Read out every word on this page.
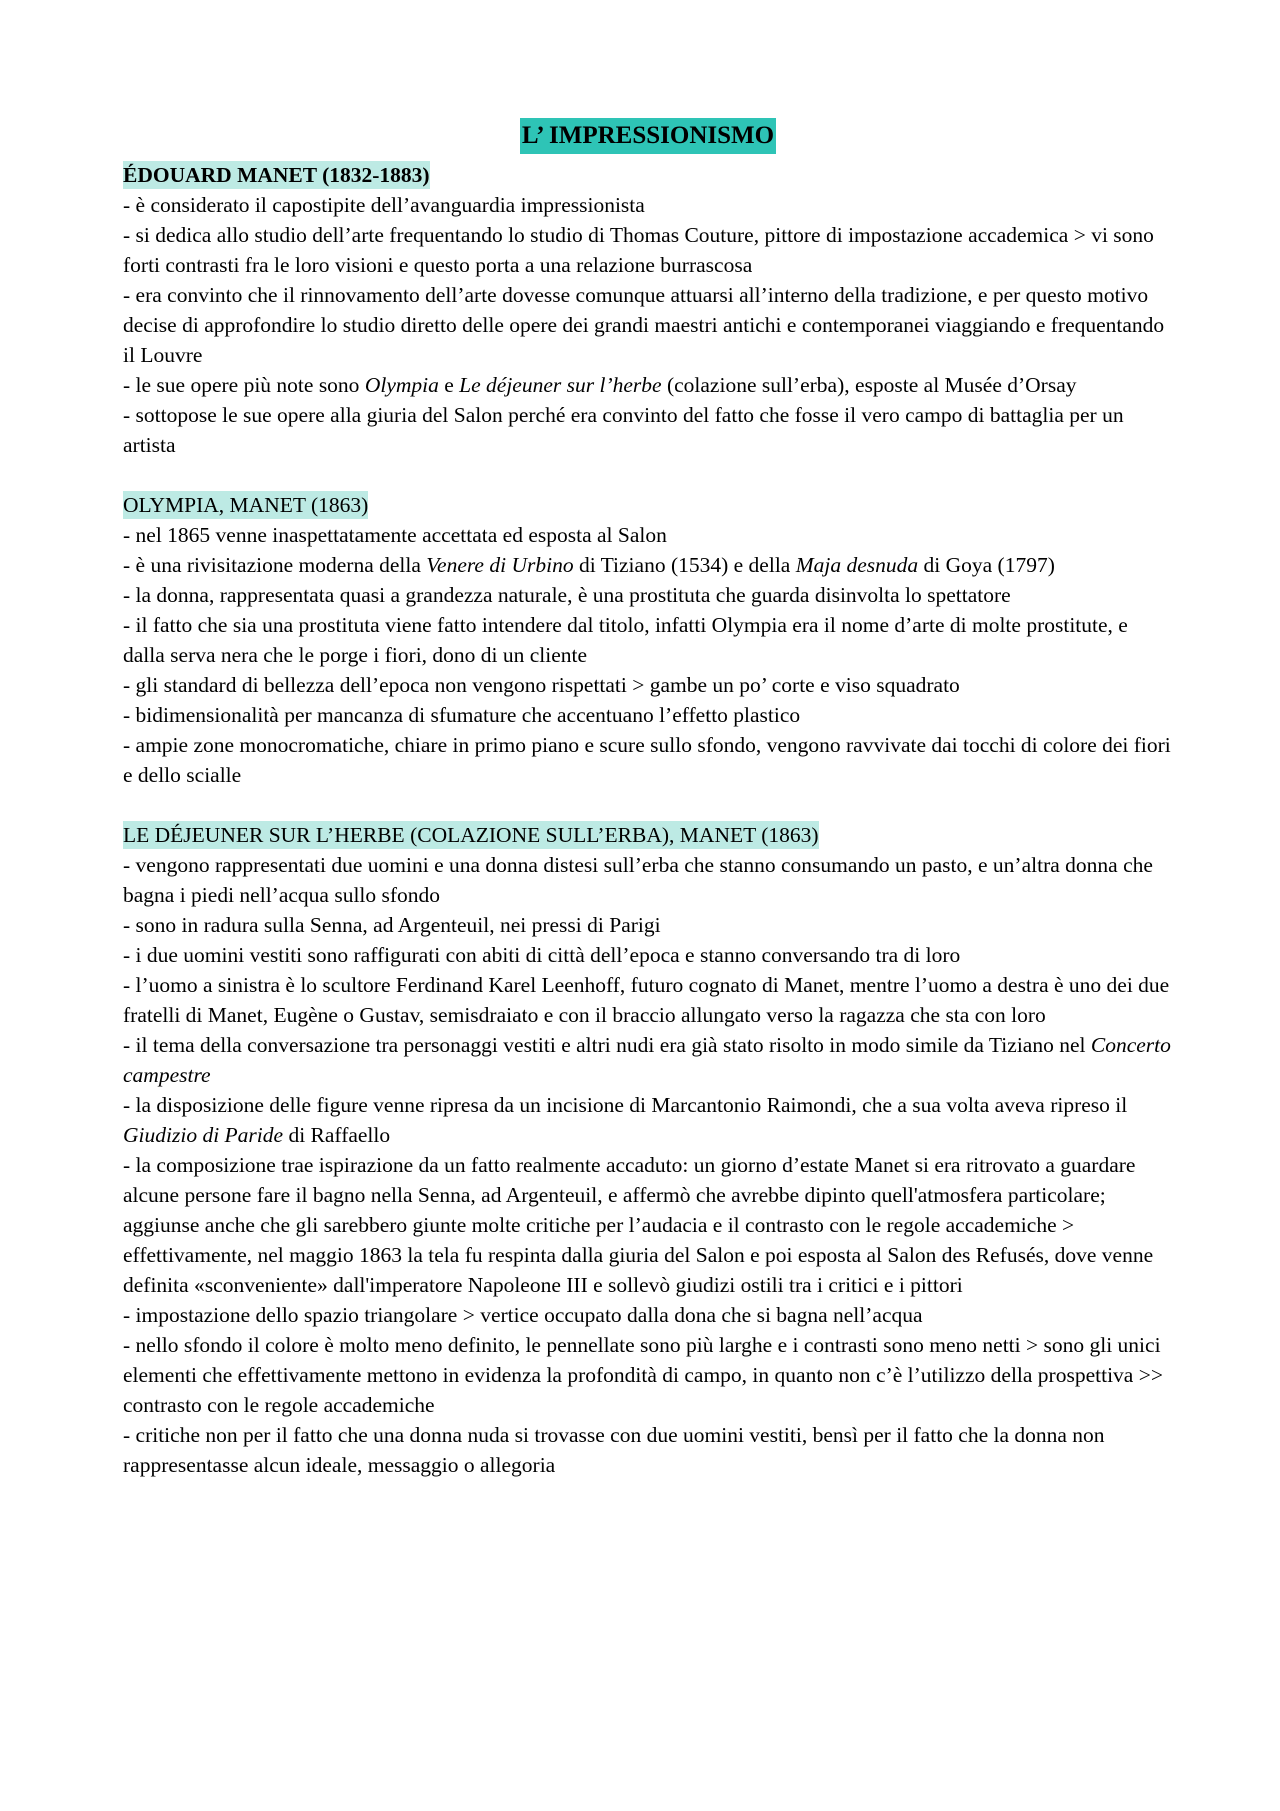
L’ IMPRESSIONISMO
ÉDOUARD MANET (1832-1883)
- è considerato il capostipite dell’avanguardia impressionista
- si dedica allo studio dell’arte frequentando lo studio di Thomas Couture, pittore di impostazione accademica > vi sono forti contrasti fra le loro visioni e questo porta a una relazione burrascosa
- era convinto che il rinnovamento dell’arte dovesse comunque attuarsi all’interno della tradizione, e per questo motivo decise di approfondire lo studio diretto delle opere dei grandi maestri antichi e contemporanei viaggiando e frequentando il Louvre
- le sue opere più note sono Olympia e Le déjeuner sur l’herbe (colazione sull’erba), esposte al Musée d’Orsay
- sottopose le sue opere alla giuria del Salon perché era convinto del fatto che fosse il vero campo di battaglia per un artista
OLYMPIA, MANET (1863)
- nel 1865 venne inaspettatamente accettata ed esposta al Salon
- è una rivisitazione moderna della Venere di Urbino di Tiziano (1534) e della Maja desnuda di Goya (1797)
- la donna, rappresentata quasi a grandezza naturale, è una prostituta che guarda disinvolta lo spettatore
- il fatto che sia una prostituta viene fatto intendere dal titolo, infatti Olympia era il nome d’arte di molte prostitute, e dalla serva nera che le porge i fiori, dono di un cliente
- gli standard di bellezza dell’epoca non vengono rispettati > gambe un po’ corte e viso squadrato
- bidimensionalità per mancanza di sfumature che accentuano l’effetto plastico
- ampie zone monocromatiche, chiare in primo piano e scure sullo sfondo, vengono ravvivate dai tocchi di colore dei fiori e dello scialle
LE DÉJEUNER SUR L’HERBE (COLAZIONE SULL’ERBA), MANET (1863)
- vengono rappresentati due uomini e una donna distesi sull’erba che stanno consumando un pasto, e un’altra donna che bagna i piedi nell’acqua sullo sfondo
- sono in radura sulla Senna, ad Argenteuil, nei pressi di Parigi
- i due uomini vestiti sono raffigurati con abiti di città dell’epoca e stanno conversando tra di loro
- l’uomo a sinistra è lo scultore Ferdinand Karel Leenhoff, futuro cognato di Manet, mentre l’uomo a destra è uno dei due fratelli di Manet, Eugène o Gustav, semisdraiato e con il braccio allungato verso la ragazza che sta con loro
- il tema della conversazione tra personaggi vestiti e altri nudi era già stato risolto in modo simile da Tiziano nel Concerto campestre
- la disposizione delle figure venne ripresa da un incisione di Marcantonio Raimondi, che a sua volta aveva ripreso il Giudizio di Paride di Raffaello
- la composizione trae ispirazione da un fatto realmente accaduto: un giorno d’estate Manet si era ritrovato a guardare alcune persone fare il bagno nella Senna, ad Argenteuil, e affermò che avrebbe dipinto quell'atmosfera particolare; aggiunse anche che gli sarebbero giunte molte critiche per l’audacia e il contrasto con le regole accademiche > effettivamente, nel maggio 1863 la tela fu respinta dalla giuria del Salon e poi esposta al Salon des Refusés, dove venne definita «sconveniente» dall'imperatore Napoleone III e sollevò giudizi ostili tra i critici e i pittori
- impostazione dello spazio triangolare > vertice occupato dalla dona che si bagna nell’acqua
- nello sfondo il colore è molto meno definito, le pennellate sono più larghe e i contrasti sono meno netti > sono gli unici elementi che effettivamente mettono in evidenza la profondità di campo, in quanto non c’è l’utilizzo della prospettiva >> contrasto con le regole accademiche
- critiche non per il fatto che una donna nuda si trovasse con due uomini vestiti, bensì per il fatto che la donna non rappresentasse alcun ideale, messaggio o allegoria
